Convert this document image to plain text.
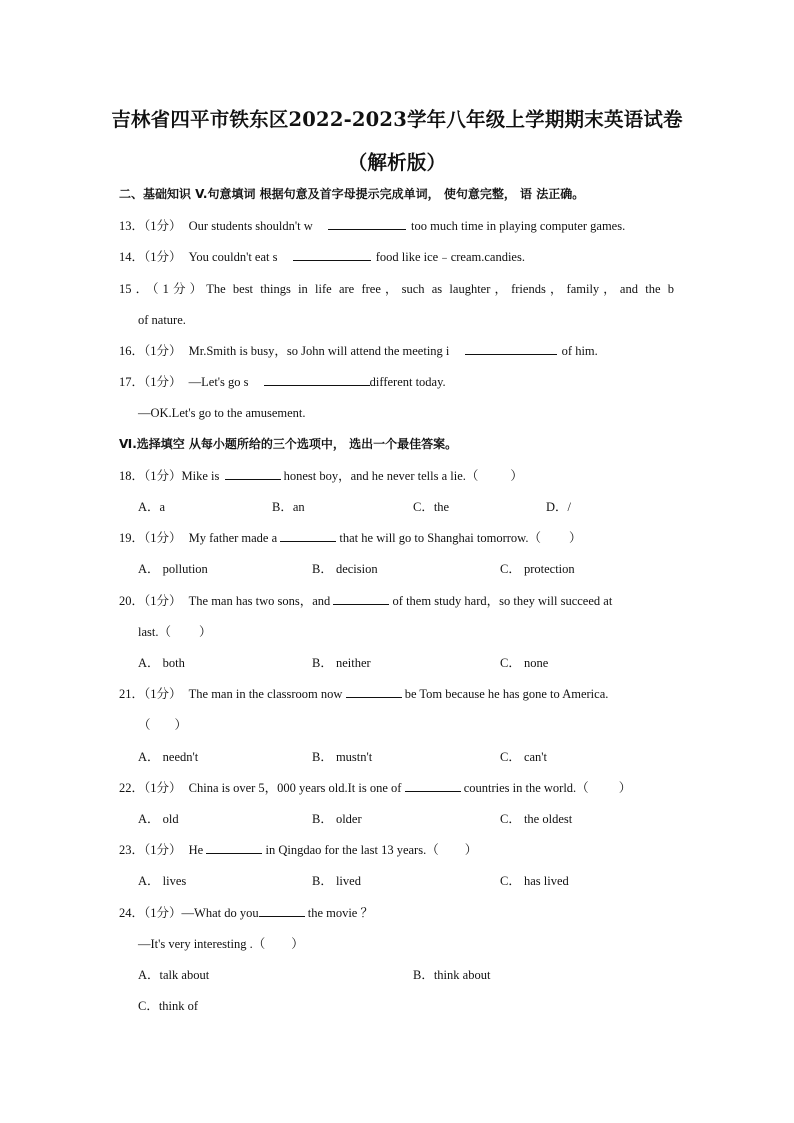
吉林省四平市铁东区2022-2023学年八年级上学期期末英语试卷
（解析版）
二、基础知识 V.句意填词 根据句意及首字母提示完成单词， 使句意完整， 语 法正确。
13．（1分） Our students shouldn't w	too much time in playing computer games.
14．（1分） You couldn't eat s	food like ice﹣cream.candies.
15．（1分）The best things in life are free，such as laughter，friends，family，and the b
of nature.
16．（1分） Mr.Smith is busy，so John will attend the meeting i	of him.
17．（1分） —Let's go s	different today.
—OK.Let's go to the amusement.
Ⅵ.选择填空 从每小题所给的三个选项中， 选出一个最佳答案。
18．（1分）Mike is	honest boy，and he never tells a lie.（	）
A．a	B．an	C．the	D．/
19．（1分） My father made a	that he will go to Shanghai tomorrow.（ ）
A． pollution	B． decision	C． protection
20．（1分） The man has two sons，and	of them study hard，so they will succeed at
last.（ ）
A． both	B． neither	C． none
21．（1分） The man in the classroom now	be Tom because he has gone to America.
（ ）
A． needn't	B． mustn't	C． can't
22．（1分） China is over 5，000 years old.It is one of	countries in the world.（ ）
A． old	B． older	C． the oldest
23．（1分） He	in Qingdao for the last 13 years.（ ）
A． lives	B． lived	C． has lived
24．（1分）—What do you	the movie ？
—It's very interesting .（ ）
A．talk about	B．think about
C．think of
